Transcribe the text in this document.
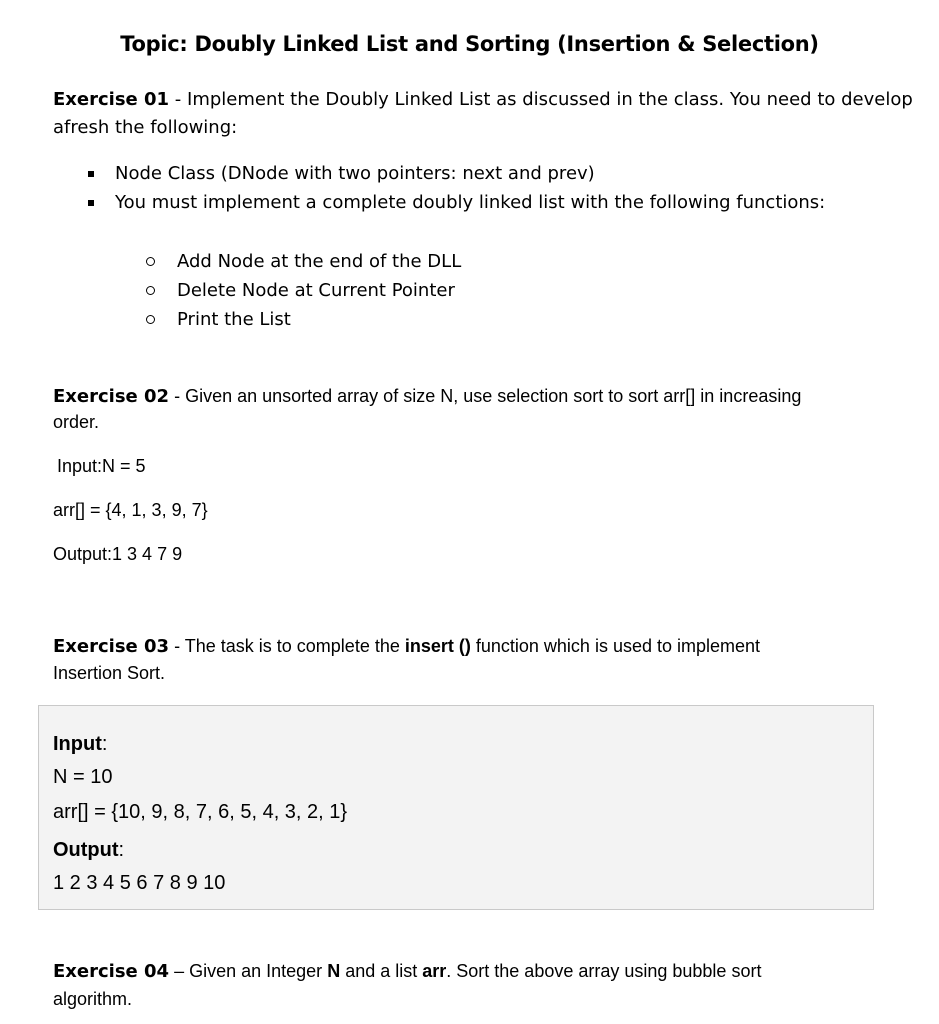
Topic: Doubly Linked List and Sorting (Insertion & Selection)
Exercise 01 - Implement the Doubly Linked List as discussed in the class. You need to develop
afresh the following:
Node Class (DNode with two pointers: next and prev)
You must implement a complete doubly linked list with the following functions:
Add Node at the end of the DLL
Delete Node at Current Pointer
Print the List
Exercise 02 - Given an unsorted array of size N, use selection sort to sort arr[] in increasing
order.
Input:N = 5
arr[] = {4, 1, 3, 9, 7}
Output:1 3 4 7 9
Exercise 03 - The task is to complete the insert () function which is used to implement
Insertion Sort.
Input:
N = 10
arr[] = {10, 9, 8, 7, 6, 5, 4, 3, 2, 1}
Output:
1 2 3 4 5 6 7 8 9 10
Exercise 04 – Given an Integer N and a list arr. Sort the above array using bubble sort
algorithm.
